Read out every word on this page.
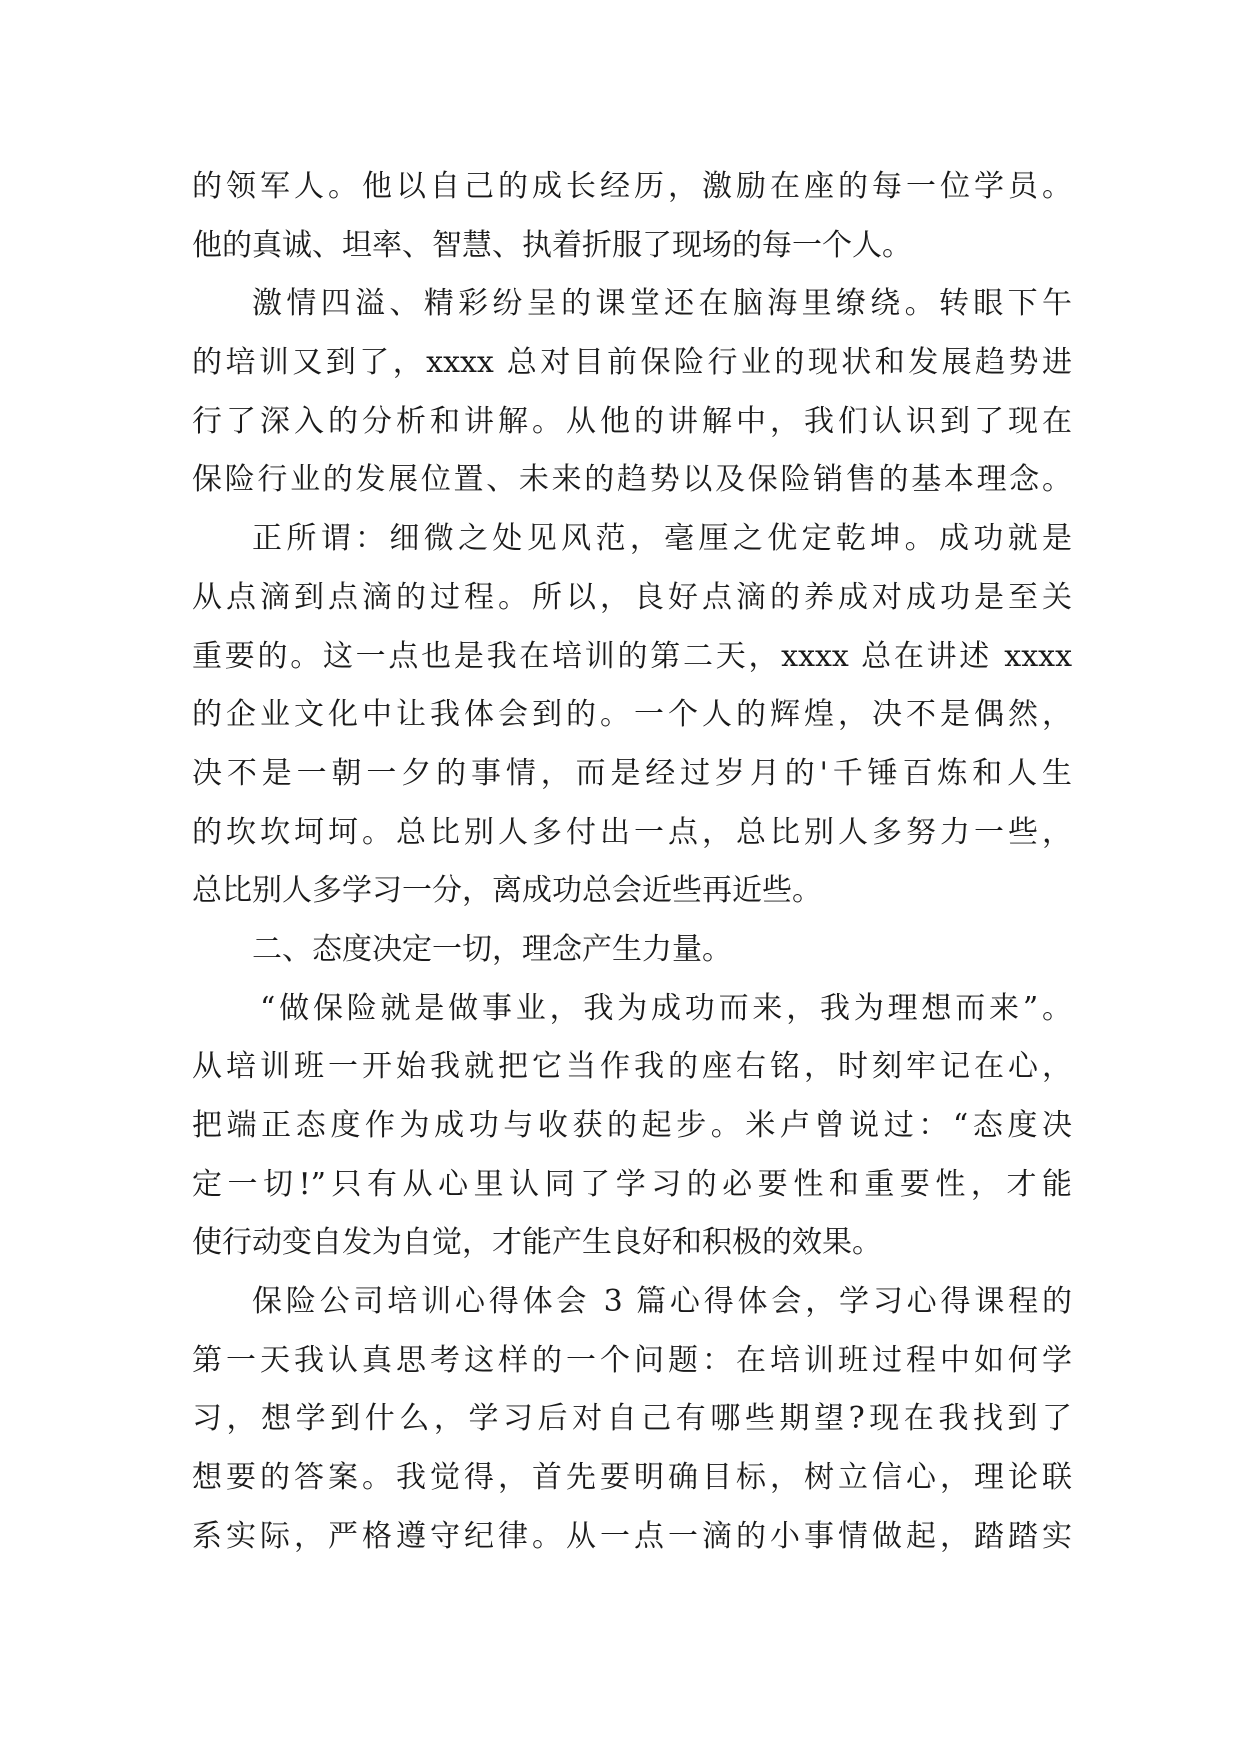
的领军人。他以自己的成长经历，激励在座的每一位学员。
他的真诚、坦率、智慧、执着折服了现场的每一个人。
激情四溢、精彩纷呈的课堂还在脑海里缭绕。转眼下午
的培训又到了，xxxx 总对目前保险行业的现状和发展趋势进
行了深入的分析和讲解。从他的讲解中，我们认识到了现在
保险行业的发展位置、未来的趋势以及保险销售的基本理念。
正所谓：细微之处见风范，毫厘之优定乾坤。成功就是
从点滴到点滴的过程。所以，良好点滴的养成对成功是至关
重要的。这一点也是我在培训的第二天，xxxx 总在讲述 xxxx
的企业文化中让我体会到的。一个人的辉煌，决不是偶然，
决不是一朝一夕的事情，而是经过岁月的'千锤百炼和人生
的坎坎坷坷。总比别人多付出一点，总比别人多努力一些，
总比别人多学习一分，离成功总会近些再近些。
二、态度决定一切，理念产生力量。
“做保险就是做事业，我为成功而来，我为理想而来”。
从培训班一开始我就把它当作我的座右铭，时刻牢记在心，
把端正态度作为成功与收获的起步。米卢曾说过：“态度决
定一切!”只有从心里认同了学习的必要性和重要性，才能
使行动变自发为自觉，才能产生良好和积极的效果。
保险公司培训心得体会 3 篇心得体会，学习心得课程的
第一天我认真思考这样的一个问题：在培训班过程中如何学
习，想学到什么，学习后对自己有哪些期望?现在我找到了
想要的答案。我觉得，首先要明确目标，树立信心，理论联
系实际，严格遵守纪律。从一点一滴的小事情做起，踏踏实
